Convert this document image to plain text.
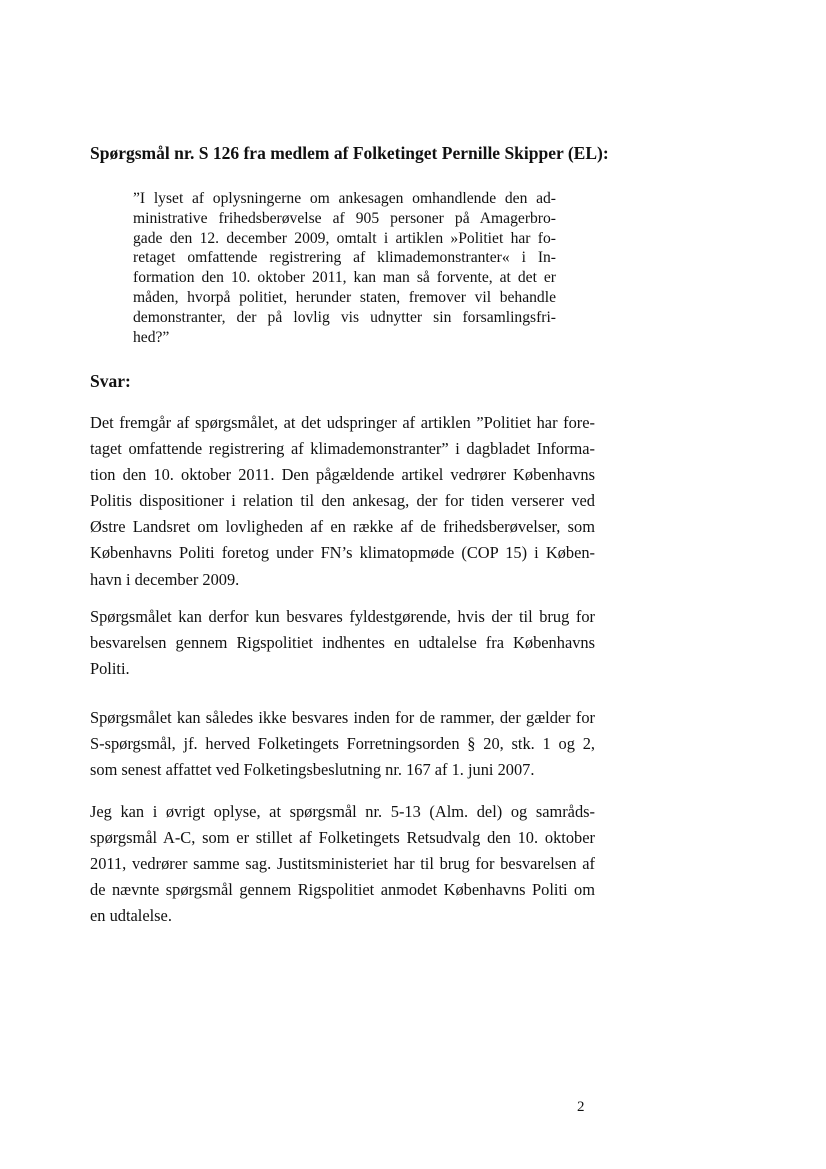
Spørgsmål nr. S 126 fra medlem af Folketinget Pernille Skipper (EL):
”I lyset af oplysningerne om ankesagen omhandlende den ad-
ministrative frihedsberøvelse af 905 personer på Amagerbro-
gade den 12. december 2009, omtalt i artiklen »Politiet har fo-
retaget omfattende registrering af klimademonstranter« i In-
formation den 10. oktober 2011, kan man så forvente, at det er
måden, hvorpå politiet, herunder staten, fremover vil behandle
demonstranter, der på lovlig vis udnytter sin forsamlingsfri-
hed?”
Svar:
Det fremgår af spørgsmålet, at det udspringer af artiklen ”Politiet har fore-
taget omfattende registrering af klimademonstranter” i dagbladet Informa-
tion den 10. oktober 2011. Den pågældende artikel vedrører Københavns
Politis dispositioner i relation til den ankesag, der for tiden verserer ved
Østre Landsret om lovligheden af en række af de frihedsberøvelser, som
Københavns Politi foretog under FN’s klimatopmøde (COP 15) i Køben-
havn i december 2009.
Spørgsmålet kan derfor kun besvares fyldestgørende, hvis der til brug for
besvarelsen gennem Rigspolitiet indhentes en udtalelse fra Københavns
Politi.
Spørgsmålet kan således ikke besvares inden for de rammer, der gælder for
S-spørgsmål, jf. herved Folketingets Forretningsorden § 20, stk. 1 og 2,
som senest affattet ved Folketingsbeslutning nr. 167 af 1. juni 2007.
Jeg kan i øvrigt oplyse, at spørgsmål nr. 5-13 (Alm. del) og samråds-
spørgsmål A-C, som er stillet af Folketingets Retsudvalg den 10. oktober
2011, vedrører samme sag. Justitsministeriet har til brug for besvarelsen af
de nævnte spørgsmål gennem Rigspolitiet anmodet Københavns Politi om
en udtalelse.
2
